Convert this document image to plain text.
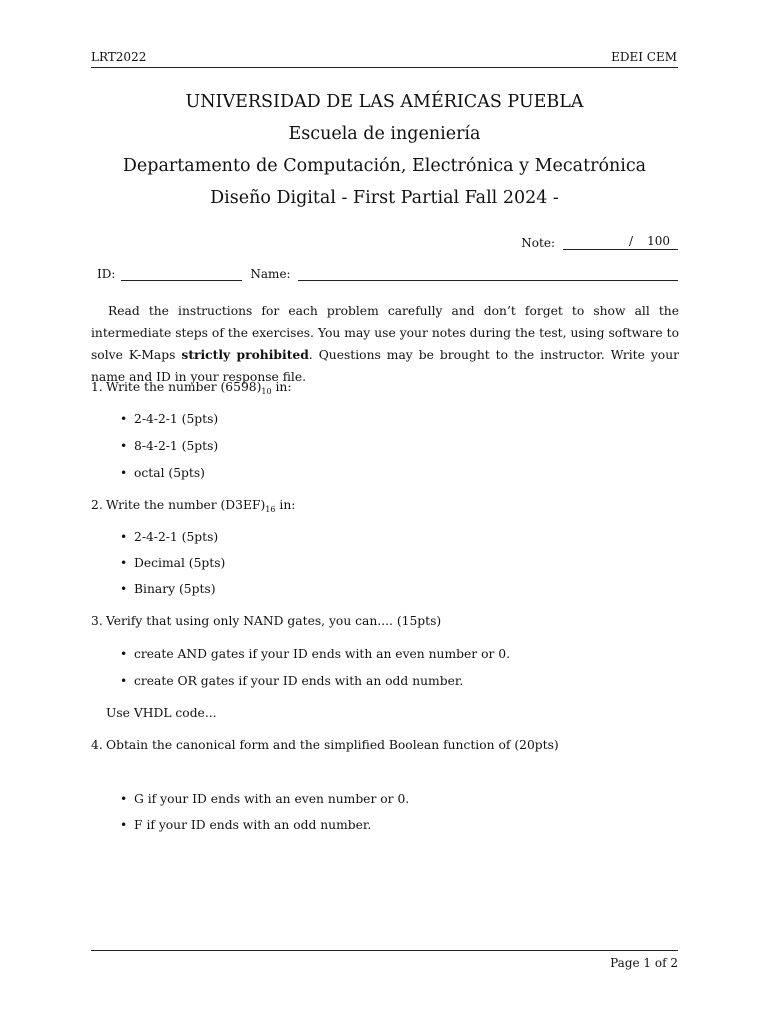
LRT2022	EDEI CEM
UNIVERSIDAD DE LAS AMÉRICAS PUEBLA
Escuela de ingeniería
Departamento de Computación, Electrónica y Mecatrónica
Diseño Digital - First Partial Fall 2024 -
Note:	/ 100
ID:	Name:
Read the instructions for each problem carefully and don’t forget to show all the intermediate steps of the exercises. You may use your notes during the test, using software to solve K-Maps strictly prohibited. Questions may be brought to the instructor. Write your name and ID in your response file.
1. Write the number $(6598)_{10}$ in:
• 2-4-2-1 (5pts)
• 8-4-2-1 (5pts)
• octal (5pts)
2. Write the number $(D3EF)_{16}$ in:
• 2-4-2-1 (5pts)
• Decimal (5pts)
• Binary (5pts)
3. Verify that using only NAND gates, you can.... (15pts)
• create AND gates if your ID ends with an even number or 0.
• create OR gates if your ID ends with an odd number.
Use VHDL code...
4. Obtain the canonical form and the simplified Boolean function of (20pts)
• G if your ID ends with an even number or 0.
• F if your ID ends with an odd number.
Page 1 of 2
